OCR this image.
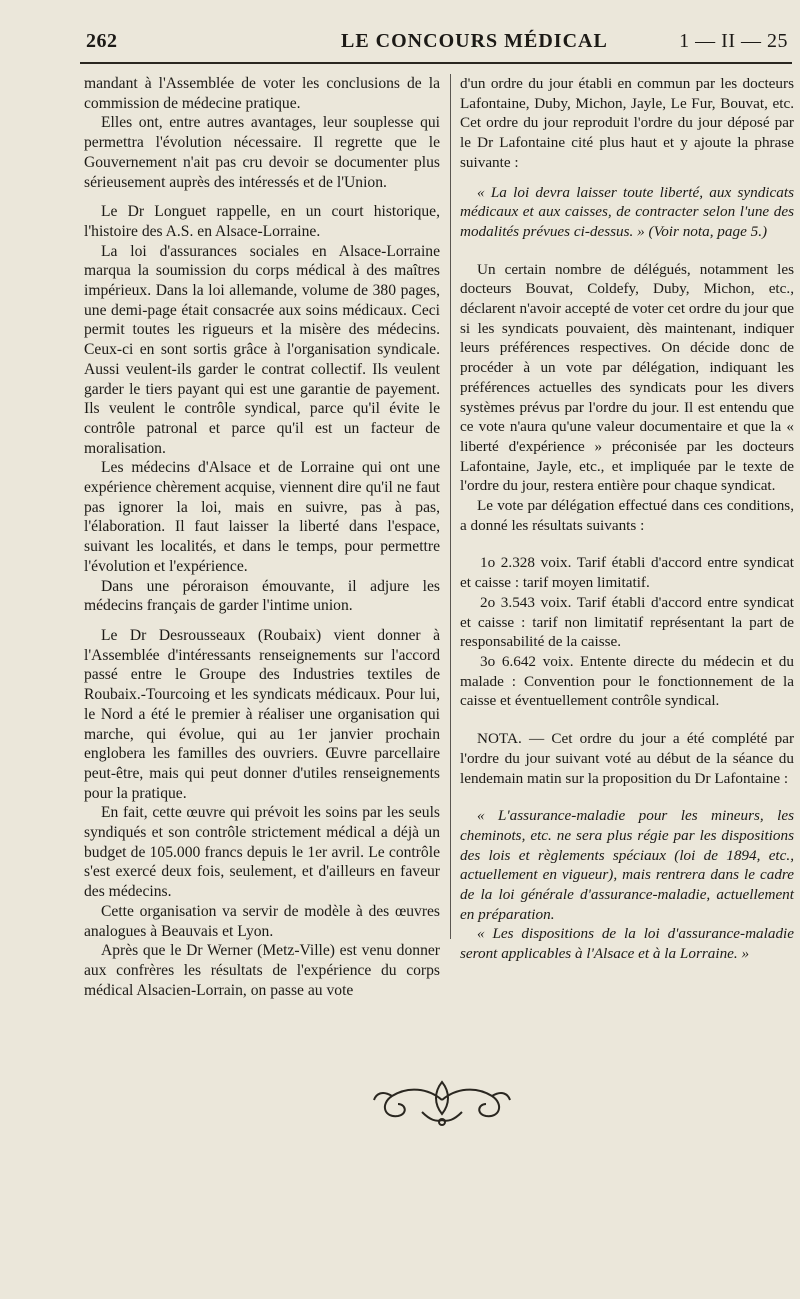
262	LE CONCOURS MÉDICAL	1 — II — 25

mandant à l'Assemblée de voter les conclusions de la commission de médecine pratique.

Elles ont, entre autres avantages, leur souplesse qui permettra l'évolution nécessaire. Il regrette que le Gouvernement n'ait pas cru devoir se documenter plus sérieusement auprès des intéressés et de l'Union.

Le Dr Longuet rappelle, en un court historique, l'histoire des A.S. en Alsace-Lorraine.

La loi d'assurances sociales en Alsace-Lorraine marqua la soumission du corps médical à des maîtres impérieux. Dans la loi allemande, volume de 380 pages, une demi-page était consacrée aux soins médicaux. Ceci permit toutes les rigueurs et la misère des médecins. Ceux-ci en sont sortis grâce à l'organisation syndicale. Aussi veulent-ils garder le contrat collectif. Ils veulent garder le tiers payant qui est une garantie de payement. Ils veulent le contrôle syndical, parce qu'il évite le contrôle patronal et parce qu'il est un facteur de moralisation.

Les médecins d'Alsace et de Lorraine qui ont une expérience chèrement acquise, viennent dire qu'il ne faut pas ignorer la loi, mais en suivre, pas à pas, l'élaboration. Il faut laisser la liberté dans l'espace, suivant les localités, et dans le temps, pour permettre l'évolution et l'expérience.

Dans une péroraison émouvante, il adjure les médecins français de garder l'intime union.

Le Dr Desrousseaux (Roubaix) vient donner à l'Assemblée d'intéressants renseignements sur l'accord passé entre le Groupe des Industries textiles de Roubaix.-Tourcoing et les syndicats médicaux. Pour lui, le Nord a été le premier à réaliser une organisation qui marche, qui évolue, qui au 1er janvier prochain englobera les familles des ouvriers. Œuvre parcellaire peut-être, mais qui peut donner d'utiles renseignements pour la pratique.

En fait, cette œuvre qui prévoit les soins par les seuls syndiqués et son contrôle strictement médical a déjà un budget de 105.000 francs depuis le 1er avril. Le contrôle s'est exercé deux fois, seulement, et d'ailleurs en faveur des médecins.

Cette organisation va servir de modèle à des œuvres analogues à Beauvais et Lyon.

Après que le Dr Werner (Metz-Ville) est venu donner aux confrères les résultats de l'expérience du corps médical Alsacien-Lorrain, on passe au vote

d'un ordre du jour établi en commun par les docteurs Lafontaine, Duby, Michon, Jayle, Le Fur, Bouvat, etc. Cet ordre du jour reproduit l'ordre du jour déposé par le Dr Lafontaine cité plus haut et y ajoute la phrase suivante :

« La loi devra laisser toute liberté, aux syndicats médicaux et aux caisses, de contracter selon l'une des modalités prévues ci-dessus. » (Voir nota, page 5.)

Un certain nombre de délégués, notamment les docteurs Bouvat, Coldefy, Duby, Michon, etc., déclarent n'avoir accepté de voter cet ordre du jour que si les syndicats pouvaient, dès maintenant, indiquer leurs préférences respectives. On décide donc de procéder à un vote par délégation, indiquant les préférences actuelles des syndicats pour les divers systèmes prévus par l'ordre du jour. Il est entendu que ce vote n'aura qu'une valeur documentaire et que la « liberté d'expérience » préconisée par les docteurs Lafontaine, Jayle, etc., et impliquée par le texte de l'ordre du jour, restera entière pour chaque syndicat.

Le vote par délégation effectué dans ces conditions, a donné les résultats suivants :

1o 2.328 voix. Tarif établi d'accord entre syndicat et caisse : tarif moyen limitatif.

2o 3.543 voix. Tarif établi d'accord entre syndicat et caisse : tarif non limitatif représentant la part de responsabilité de la caisse.

3o 6.642 voix. Entente directe du médecin et du malade : Convention pour le fonctionnement de la caisse et éventuellement contrôle syndical.

NOTA. — Cet ordre du jour a été complété par l'ordre du jour suivant voté au début de la séance du lendemain matin sur la proposition du Dr Lafontaine :

« L'assurance-maladie pour les mineurs, les cheminots, etc. ne sera plus régie par les dispositions des lois et règlements spéciaux (loi de 1894, etc., actuellement en vigueur), mais rentrera dans le cadre de la loi générale d'assurance-maladie, actuellement en préparation.

« Les dispositions de la loi d'assurance-maladie seront applicables à l'Alsace et à la Lorraine. »
